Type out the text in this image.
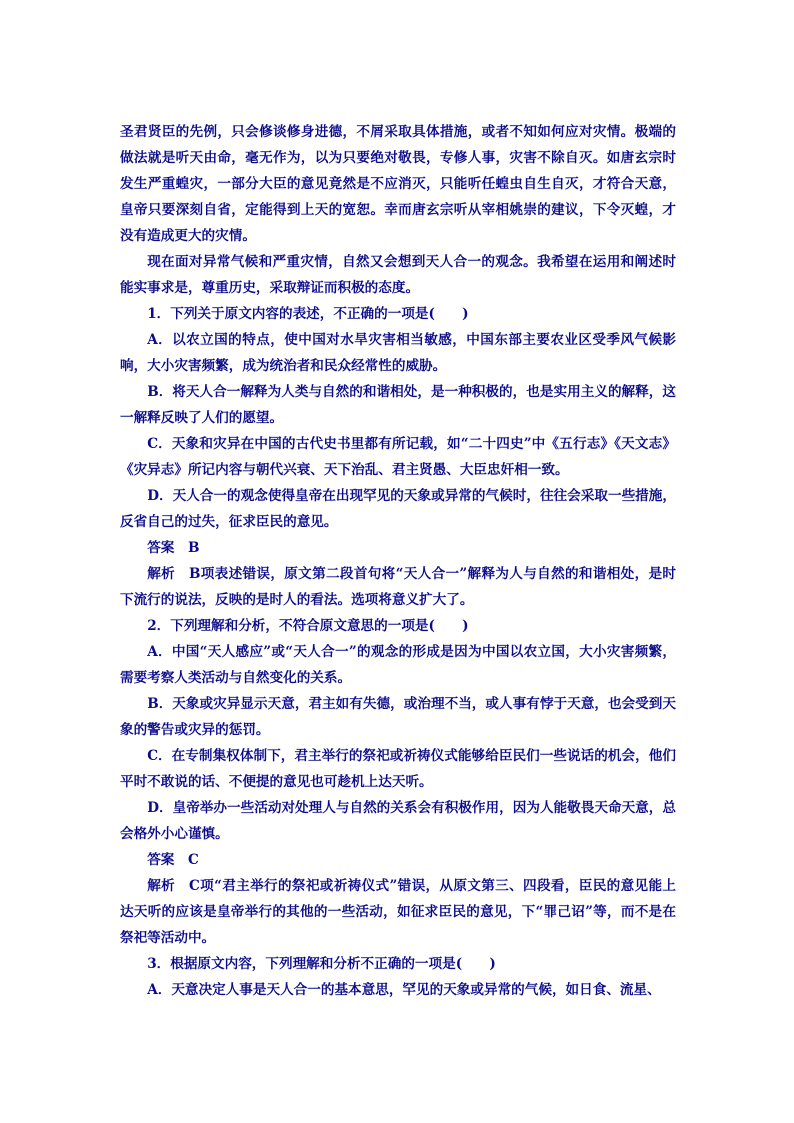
圣君贤臣的先例，只会修谈修身进德，不屑采取具体措施，或者不知如何应对灾情。极端的做法就是听天由命，毫无作为，以为只要绝对敬畏，专修人事，灾害不除自灭。如唐玄宗时发生严重蝗灾，一部分大臣的意见竟然是不应消灭，只能听任蝗虫自生自灭，才符合天意，皇帝只要深刻自省，定能得到上天的宽恕。幸而唐玄宗听从宰相姚崇的建议，下令灭蝗，才没有造成更大的灾情。

现在面对异常气候和严重灾情，自然又会想到天人合一的观念。我希望在运用和阐述时能实事求是，尊重历史，采取辩证而积极的态度。

1．下列关于原文内容的表述，不正确的一项是(　　)

A．以农立国的特点，使中国对水旱灾害相当敏感，中国东部主要农业区受季风气候影响，大小灾害频繁，成为统治者和民众经常性的威胁。

B．将天人合一解释为人类与自然的和谐相处，是一种积极的，也是实用主义的解释，这一解释反映了人们的愿望。

C．天象和灾异在中国的古代史书里都有所记载，如“二十四史”中《五行志》《天文志》《灾异志》所记内容与朝代兴衰、天下治乱、君主贤愚、大臣忠奸相一致。

D．天人合一的观念使得皇帝在出现罕见的天象或异常的气候时，往往会采取一些措施，反省自己的过失，征求臣民的意见。

答案　B

解析　B项表述错误，原文第二段首句将“天人合一”解释为人与自然的和谐相处，是时下流行的说法，反映的是时人的看法。选项将意义扩大了。

2．下列理解和分析，不符合原文意思的一项是(　　)

A．中国“天人感应”或“天人合一”的观念的形成是因为中国以农立国，大小灾害频繁，需要考察人类活动与自然变化的关系。

B．天象或灾异显示天意，君主如有失德，或治理不当，或人事有悖于天意，也会受到天象的警告或灾异的惩罚。

C．在专制集权体制下，君主举行的祭祀或祈祷仪式能够给臣民们一些说话的机会，他们平时不敢说的话、不便提的意见也可趁机上达天听。

D．皇帝举办一些活动对处理人与自然的关系会有积极作用，因为人能敬畏天命天意，总会格外小心谨慎。

答案　C

解析　C项“君主举行的祭祀或祈祷仪式”错误，从原文第三、四段看，臣民的意见能上达天听的应该是皇帝举行的其他的一些活动，如征求臣民的意见，下“罪己诏”等，而不是在祭祀等活动中。

3．根据原文内容，下列理解和分析不正确的一项是(　　)

A．天意决定人事是天人合一的基本意思，罕见的天象或异常的气候，如日食、流星、
